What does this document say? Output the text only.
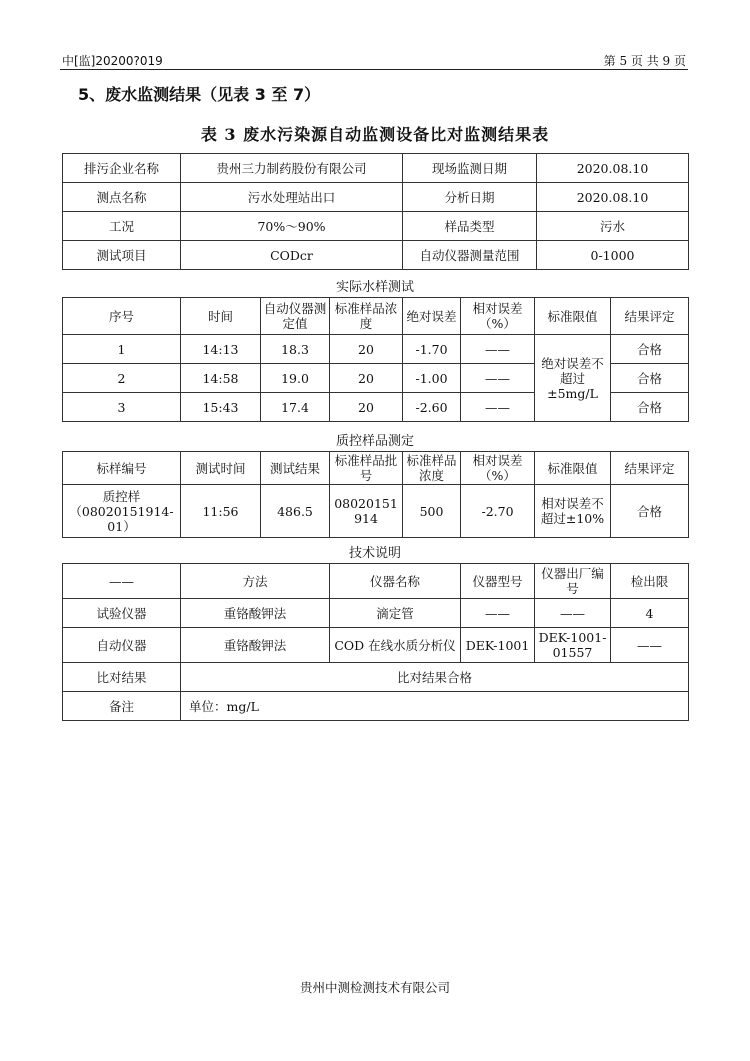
中[监]20200?019	第 5 页 共 9 页
5、废水监测结果（见表 3 至 7）
表 3 废水污染源自动监测设备比对监测结果表
排污企业名称	贵州三力制药股份有限公司	现场监测日期	2020.08.10
测点名称	污水处理站出口	分析日期	2020.08.10
工况	70%～90%	样品类型	污水
测试项目	CODcr	自动仪器测量范围	0-1000
实际水样测试
序号	时间	自动仪器测定值	标准样品浓度	绝对误差	相对误差（%）	标准限值	结果评定
1	14:13	18.3	20	-1.70	——	绝对误差不超过±5mg/L	合格
2	14:58	19.0	20	-1.00	——		合格
3	15:43	17.4	20	-2.60	——		合格
质控样品测定
标样编号	测试时间	测试结果	标准样品批号	标准样品浓度	相对误差（%）	标准限值	结果评定
质控样（08020151914-01）	11:56	486.5	08020151914	500	-2.70	相对误差不超过±10%	合格
技术说明
——	方法	仪器名称	仪器型号	仪器出厂编号	检出限
试验仪器	重铬酸钾法	滴定管	——	——	4
自动仪器	重铬酸钾法	COD 在线水质分析仪	DEK-1001	DEK-1001-01557	——
比对结果	比对结果合格				
备注	单位：mg/L				
贵州中测检测技术有限公司
